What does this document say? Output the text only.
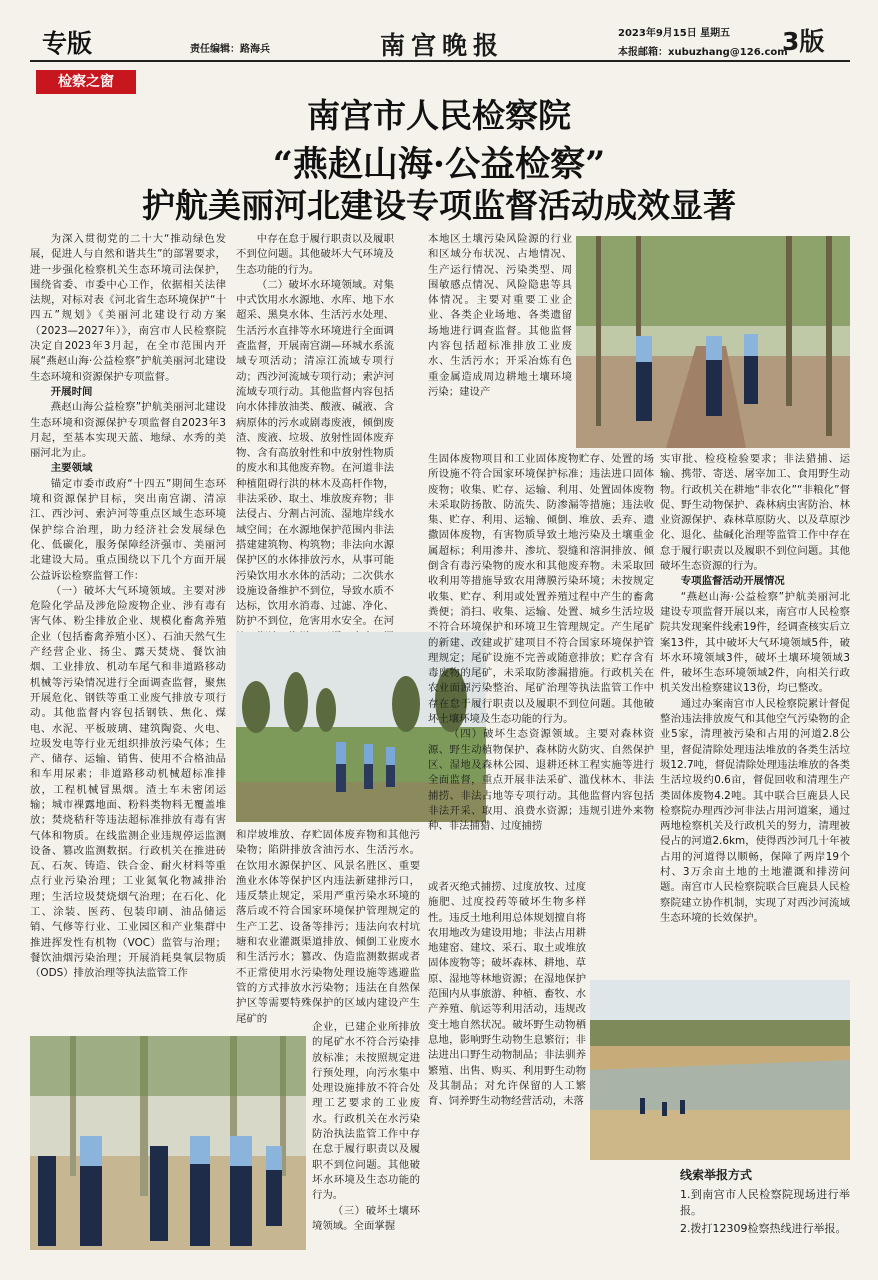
专版	责任编辑：路海兵	南宫晚报	2023年9月15日 星期五
本报邮箱：xubuzhang@126.com
3版
检察之窗
南宫市人民检察院
“燕赵山海·公益检察”
护航美丽河北建设专项监督活动成效显著

为深入贯彻党的二十大“推动绿色发展，促进人与自然和谐共生”的部署要求，进一步强化检察机关生态环境司法保护，围绕省委、市委中心工作，依据相关法律法规，对标对表《河北省生态环境保护“十四五”规划》《美丽河北建设行动方案（2023—2027年）》，南宫市人民检察院决定自2023年3月起，在全市范围内开展“燕赵山海·公益检察”护航美丽河北建设生态环境和资源保护专项监督。

开展时间

燕赵山海公益检察”护航美丽河北建设生态环境和资源保护专项监督自2023年3月起，至基本实现天蓝、地绿、水秀的美丽河北为止。

主要领域

锚定市委市政府“十四五”期间生态环境和资源保护目标，突出南宫湖、清凉江、西沙河、索泸河等重点区域生态环境保护综合治理，助力经济社会发展绿色化、低碳化，服务保障经济强市、美丽河北建设大局。重点围绕以下几个方面开展公益诉讼检察监督工作：

（一）破坏大气环境领域。主要对涉危险化学品及涉危险废物企业、涉有毒有害气体、粉尘排放企业、规模化畜禽养殖企业（包括畜禽养殖小区）、石油天然气生产经营企业、扬尘、露天焚烧、餐饮油烟、工业排放、机动车尾气和非道路移动机械等污染情况进行全面调查监督，聚焦开展危化、钢铁等重工业废气排放专项行动。其他监督内容包括钢铁、焦化、煤电、水泥、平板玻璃、建筑陶瓷、火电、垃圾发电等行业无组织排放污染气体；生产、储存、运输、销售、使用不合格油品和车用尿素；非道路移动机械超标准排放，工程机械冒黑烟。渣土车未密闭运输；城市裸露地面、粉料类物料无覆盖堆放；焚烧秸秆等违法超标准排放有毒有害气体和物质。在线监测企业违规停运监测设备、篡改监测数据。行政机关在推进砖瓦、石灰、铸造、铁合金、耐火材料等重点行业污染治理；工业氮氧化物减排治理；生活垃圾焚烧烟气治理；在石化、化工、涂装、医药、包装印刷、油品储运销、气修等行业、工业园区和产业集群中推进挥发性有机物（VOC）监管与治理；餐饮油烟污染治理；开展消耗臭氧层物质（ODS）排放治理等执法监管工作

中存在怠于履行职责以及履职不到位问题。其他破坏大气环境及生态功能的行为。

（二）破坏水环境领域。对集中式饮用水水源地、水库、地下水超采、黑臭水体、生活污水处理、生活污水直排等水环境进行全面调查监督，开展南宫湖—环城水系流域专项活动；清凉江流域专项行动；西沙河流域专项行动；索泸河流域专项行动。其他监督内容包括向水体排放油类、酸液、碱液、含病原体的污水或剧毒废液，倾倒废渣、废液、垃圾、放射性固体废弃物、含有高放射性和中放射性物质的废水和其他废弃物。在河道非法种植阻碍行洪的林木及高杆作物，非法采砂、取土、堆放废弃物；非法侵占、分割占河流、湿地岸线水域空间；在水源地保护范围内非法搭建建筑物、构筑物；非法向水源保护区的水体排放污水，从事可能污染饮用水水体的活动；二次供水设施设备维护不到位，导致水质不达标，饮用水消毒、过滤、净化、防护不到位，危害用水安全。在河

和岸坡堆放、存贮固体废弃物和其他污染物；陷阱排放含油污水、生活污水。在饮用水源保护区、风景名胜区、重要渔业水体等保护区内违法新建排污口，违反禁止规定，采用严重污染水环境的落后或不符合国家环境保护管理规定的生产工艺、设备等排污；违法向农村坑塘和农业灌溉渠道排放、倾倒工业废水和生活污水；篡改、伪造监测数据或者不正常使用水污染物处理设施等逃避监管的方式排放水污染物；违法在自然保护区等需要特殊保护的区域内建设产生尾矿的

企业，已建企业所排放的尾矿水不符合污染排放标准；未按照规定进行预处理，向污水集中处理设施排放不符合处理工艺要求的工业废水。行政机关在水污染防治执法监管工作中存在怠于履行职责以及履职不到位问题。其他破坏水环境及生态功能的行为。

（三）破坏土壤环境领域。全面掌握

本地区土壤污染风险源的行业和区域分布状况、占地情况、生产运行情况、污染类型、周围敏感点情况、风险隐患等具体情况。主要对重要工业企业、各类企业场地、各类遗留场地进行调查监督。其他监督内容包括超标准排放工业废水、生活污水；开采冶炼有色重金属造成周边耕地土壤环境污染；建设产

生固体废物项目和工业固体废物贮存、处置的场所设施不符合国家环境保护标准；违法进口固体废物；收集、贮存、运输、利用、处置固体废物未采取防扬散、防流失、防渗漏等措施；违法收集、贮存、利用、运输、倾倒、堆放、丢弃、遗撒固体废物，有害物质导致土地污染及土壤重金属超标；利用渗井、渗坑、裂缝和溶洞排放、倾倒含有毒污染物的废水和其他废弃物。未采取回收利用等措施导致农用薄膜污染环境；未按规定收集、贮存、利用或处置养殖过程中产生的畜禽粪便；消扫、收集、运输、处置、城乡生活垃圾不符合环境保护和环境卫生管理规定。产生尾矿的新建、改建或扩建项目不符合国家环境保护管理规定；尾矿设施不完善或随意排放；贮存含有毒废物的尾矿，未采取防渗漏措施。行政机关在农业面源污染整治、尾矿治理等执法监管工作中存在怠于履行职责以及履职不到位问题。其他破坏土壤环境及生态功能的行为。

（四）破坏生态资源领域。主要对森林资源、野生动植物保护、森林防火防灾、自然保护区、湿地及森林公园、退耕还林工程实施等进行全面监督，重点开展非法采矿、滥伐林木、非法捕捞、非法占地等专项行动。其他监督内容包括非法开采、取用、浪费水资源；违规引进外来物种、非法捕猎、过度捕捞

或者灭绝式捕捞、过度放牧、过度施肥、过度投药等破坏生物多样性。违反土地利用总体规划擅自将农用地改为建设用地；非法占用耕地建窑、建坟、采石、取土或堆放固体废物等；破坏森林、耕地、草原、湿地等林地资源；在湿地保护范围内从事旅游、种植、畜牧、水产养殖、航运等利用活动，违规改变土地自然状况。破坏野生动物栖息地，影响野生动物生息繁衍；非法进出口野生动物制品；非法驯养繁殖、出售、购买、利用野生动物及其制品；对允许保留的人工繁育、饲养野生动物经营活动，未落

实审批、检疫检验要求；非法猎捕、运输、携带、寄送、屠宰加工、食用野生动物。行政机关在耕地“非农化”“非粮化”督促、野生动物保护、森林病虫害防治、林业资源保护、森林草原防火、以及草原沙化、退化、盐碱化治理等监管工作中存在怠于履行职责以及履职不到位问题。其他破坏生态资源的行为。

专项监督活动开展情况

“燕赵山海·公益检察”护航美丽河北建设专项监督开展以来，南宫市人民检察院共发现案件线索19件，经调查核实后立案13件，其中破坏大气环境领域5件，破坏水环境领域3件，破坏土壤环境领域3件，破坏生态环境领域2件，向相关行政机关发出检察建议13份，均已整改。

通过办案南宫市人民检察院累计督促整治违法排放废气和其他空气污染物的企业5家，清理被污染和占用的河道2.8公里，督促清除处理违法堆放的各类生活垃圾12.7吨，督促清除处理违法堆放的各类生活垃圾约0.6亩，督促回收和清理生产类固体废物4.2吨。其中联合巨鹿县人民检察院办理西沙河非法占用河道案，通过两地检察机关及行政机关的努力，清理被侵占的河道2.6km，使得西沙河几十年被占用的河道得以顺畅，保障了两岸19个村、3万余亩土地的土地灌溉和排涝问题。南宫市人民检察院联合巨鹿县人民检察院建立协作机制，实现了对西沙河流域生态环境的长效保护。

线索举报方式
1.到南宫市人民检察院现场进行举报。
2.拨打12309检察热线进行举报。
